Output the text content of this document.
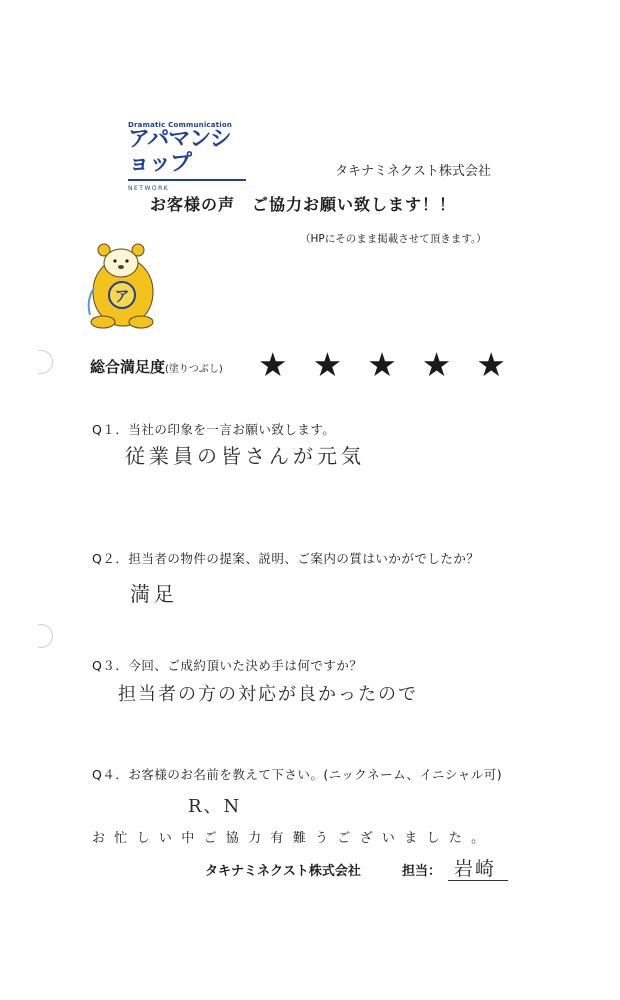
Dramatic Communication
アパマンショップ
NETWORK
タキナミネクスト株式会社
お客様の声　ご協力お願い致します！！
（HPにそのまま掲載させて頂きます。）
ア
総合満足度(塗りつぶし) ★ ★ ★ ★ ★
Q１．当社の印象を一言お願い致します。
従業員の皆さんが元気
Q２．担当者の物件の提案、説明、ご案内の質はいかがでしたか？
満足
Q３．今回、ご成約頂いた決め手は何ですか？
担当者の方の対応が良かったので
Q４．お客様のお名前を教えて下さい。(ニックネーム、イニシャル可)
R、N
お忙しい中ご協力有難うございました。
タキナミネクスト株式会社	担当： 岩崎
